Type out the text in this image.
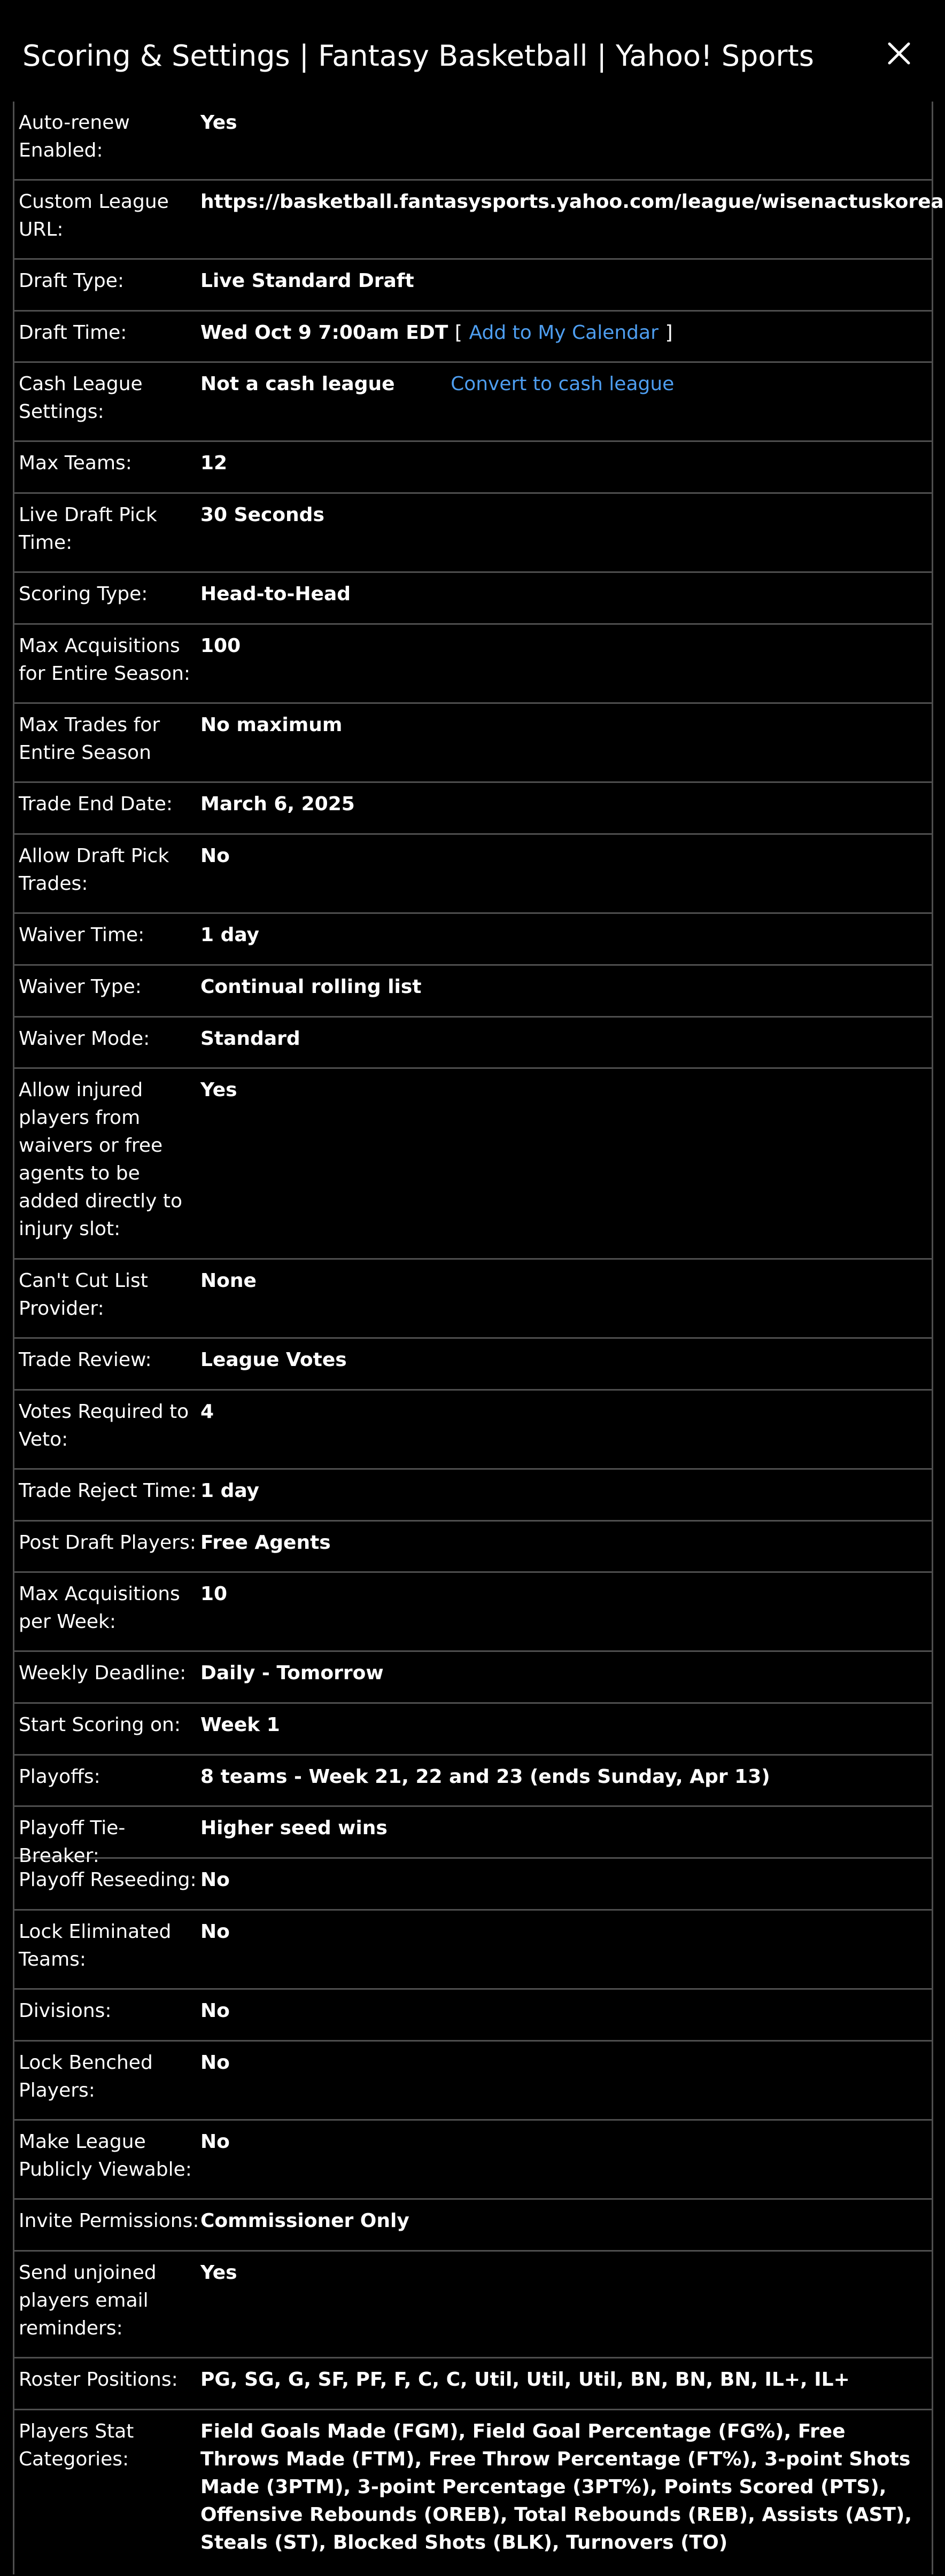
Scoring & Settings | Fantasy Basketball | Yahoo! Sports
Auto-renew Enabled:
Yes
Custom League URL:
https://basketball.fantasysports.yahoo.com/league/wisenactuskorea
Draft Type:	Live Standard Draft
Draft Time:	Wed Oct 9 7:00am EDT [ Add to My Calendar ]
Cash League Settings:
Not a cash league	Convert to cash league
Max Teams:	12
Live Draft Pick Time:
30 Seconds
Scoring Type:	Head-to-Head
Max Acquisitions for Entire Season:
100
Max Trades for Entire Season
No maximum
Trade End Date:	March 6, 2025
Allow Draft Pick Trades:
No
Waiver Time:	1 day
Waiver Type:	Continual rolling list
Waiver Mode:	Standard
Allow injured players from waivers or free agents to be added directly to injury slot:
Yes
Can't Cut List Provider:
None
Trade Review:	League Votes
Votes Required to Veto:
4
Trade Reject Time: 1 day
Post Draft Players: Free Agents
Max Acquisitions per Week:
10
Weekly Deadline: Daily - Tomorrow
Start Scoring on:	Week 1
Playoffs:	8 teams - Week 21, 22 and 23 (ends Sunday, Apr 13)
Playoff Tie-Breaker:
Higher seed wins
Playoff Reseeding: No
Lock Eliminated Teams:
No
Divisions:	No
Lock Benched Players:
No
Make League Publicly Viewable:
No
Invite Permissions: Commissioner Only
Send unjoined players email reminders:
Yes
Roster Positions:	PG, SG, G, SF, PF, F, C, C, Util, Util, Util, BN, BN, BN, IL+, IL+
Players Stat Categories:
Field Goals Made (FGM), Field Goal Percentage (FG%), Free Throws Made (FTM), Free Throw Percentage (FT%), 3-point Shots Made (3PTM), 3-point Percentage (3PT%), Points Scored (PTS), Offensive Rebounds (OREB), Total Rebounds (REB), Assists (AST), Steals (ST), Blocked Shots (BLK), Turnovers (TO)
